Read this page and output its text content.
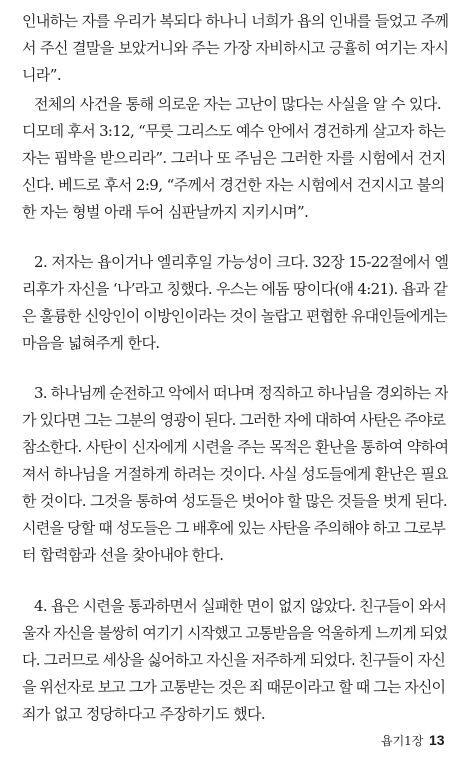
인내하는 자를 우리가 복되다 하나니 너희가 욥의 인내를 들었고 주께
서 주신 결말을 보았거니와 주는 가장 자비하시고 긍휼히 여기는 자시
니라”.
전체의 사건을 통해 의로운 자는 고난이 많다는 사실을 알 수 있다.
디모데 후서 3:12, “무릇 그리스도 예수 안에서 경건하게 살고자 하는
자는 핍박을 받으리라”. 그러나 또 주님은 그러한 자를 시험에서 건지
신다. 베드로 후서 2:9, “주께서 경건한 자는 시험에서 건지시고 불의
한 자는 형벌 아래 두어 심판날까지 지키시며”.
2. 저자는 욥이거나 엘리후일 가능성이 크다. 32장 15-22절에서 엘
리후가 자신을 ‘나’라고 칭했다. 우스는 에돔 땅이다(애 4:21). 욥과 같
은 훌륭한 신앙인이 이방인이라는 것이 놀랍고 편협한 유대인들에게는
마음을 넓혀주게 한다.
3. 하나님께 순전하고 악에서 떠나며 정직하고 하나님을 경외하는 자
가 있다면 그는 그분의 영광이 된다. 그러한 자에 대하여 사탄은 주야로
참소한다. 사탄이 신자에게 시련을 주는 목적은 환난을 통하여 약하여
져서 하나님을 거절하게 하려는 것이다. 사실 성도들에게 환난은 필요
한 것이다. 그것을 통하여 성도들은 벗어야 할 많은 것들을 벗게 된다.
시련을 당할 때 성도들은 그 배후에 있는 사탄을 주의해야 하고 그로부
터 합력함과 선을 찾아내야 한다.
4. 욥은 시련을 통과하면서 실패한 면이 없지 않았다. 친구들이 와서
울자 자신을 불쌍히 여기기 시작했고 고통받음을 억울하게 느끼게 되었
다. 그러므로 세상을 싫어하고 자신을 저주하게 되었다. 친구들이 자신
을 위선자로 보고 그가 고통받는 것은 죄 때문이라고 할 때 그는 자신이
죄가 없고 정당하다고 주장하기도 했다.
욥기1장 13
